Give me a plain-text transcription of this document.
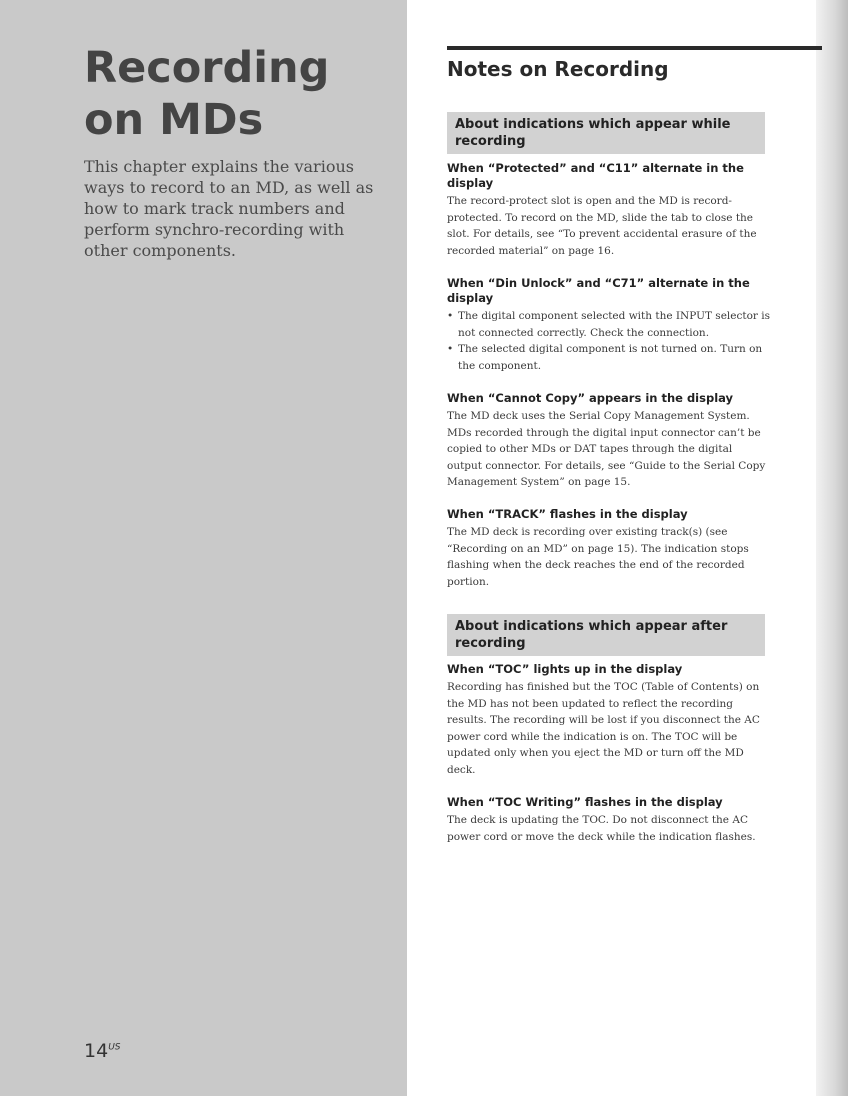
Recording on MDs

This chapter explains the various ways to record to an MD, as well as how to mark track numbers and perform synchro-recording with other components.

$14^{US}$
Notes on Recording
About indications which appear while recording
When “Protected” and “C11” alternate in the display

The record-protect slot is open and the MD is record-protected. To record on the MD, slide the tab to close the slot. For details, see “To prevent accidental erasure of the recorded material” on page 16.

When “Din Unlock” and “C71” alternate in the display
• The digital component selected with the INPUT selector is not connected correctly. Check the connection.
• The selected digital component is not turned on. Turn on the component.
When “Cannot Copy” appears in the display

The MD deck uses the Serial Copy Management System. MDs recorded through the digital input connector can’t be copied to other MDs or DAT tapes through the digital output connector. For details, see “Guide to the Serial Copy Management System” on page 15.

When “TRACK” flashes in the display

The MD deck is recording over existing track(s) (see “Recording on an MD” on page 15). The indication stops flashing when the deck reaches the end of the recorded portion.

About indications which appear after recording
When “TOC” lights up in the display

Recording has finished but the TOC (Table of Contents) on the MD has not been updated to reflect the recording results. The recording will be lost if you disconnect the AC power cord while the indication is on. The TOC will be updated only when you eject the MD or turn off the MD deck.

When “TOC Writing” flashes in the display

The deck is updating the TOC. Do not disconnect the AC power cord or move the deck while the indication flashes.
